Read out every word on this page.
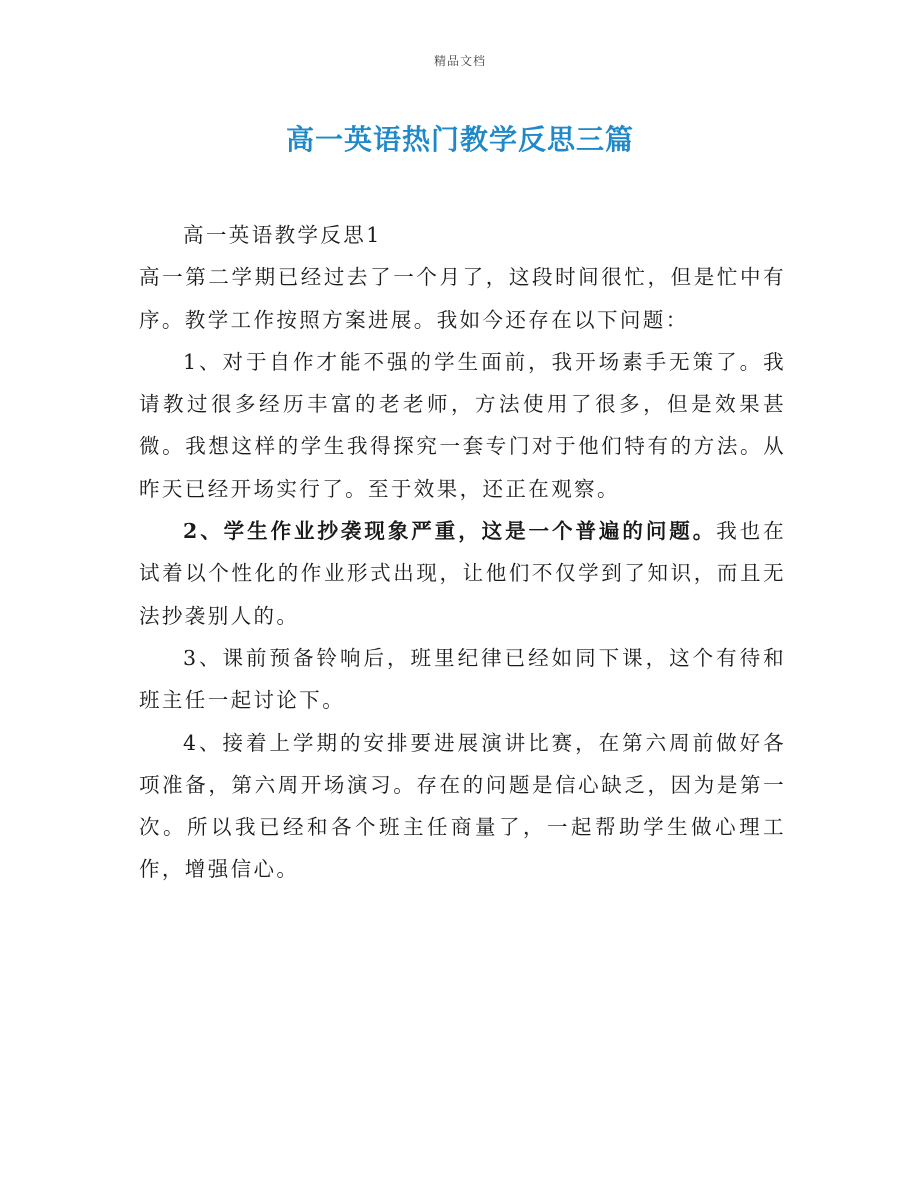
精品文档
高一英语热门教学反思三篇

高一英语教学反思1

高一第二学期已经过去了一个月了，这段时间很忙，但是忙中有序。教学工作按照方案进展。我如今还存在以下问题：

1、对于自作才能不强的学生面前，我开场素手无策了。我请教过很多经历丰富的老老师，方法使用了很多，但是效果甚微。我想这样的学生我得探究一套专门对于他们特有的方法。从昨天已经开场实行了。至于效果，还正在观察。

2、学生作业抄袭现象严重，这是一个普遍的问题。我也在试着以个性化的作业形式出现，让他们不仅学到了知识，而且无法抄袭别人的。

3、课前预备铃响后，班里纪律已经如同下课，这个有待和班主任一起讨论下。

4、接着上学期的安排要进展演讲比赛，在第六周前做好各项准备，第六周开场演习。存在的问题是信心缺乏，因为是第一次。所以我已经和各个班主任商量了，一起帮助学生做心理工作，增强信心。
